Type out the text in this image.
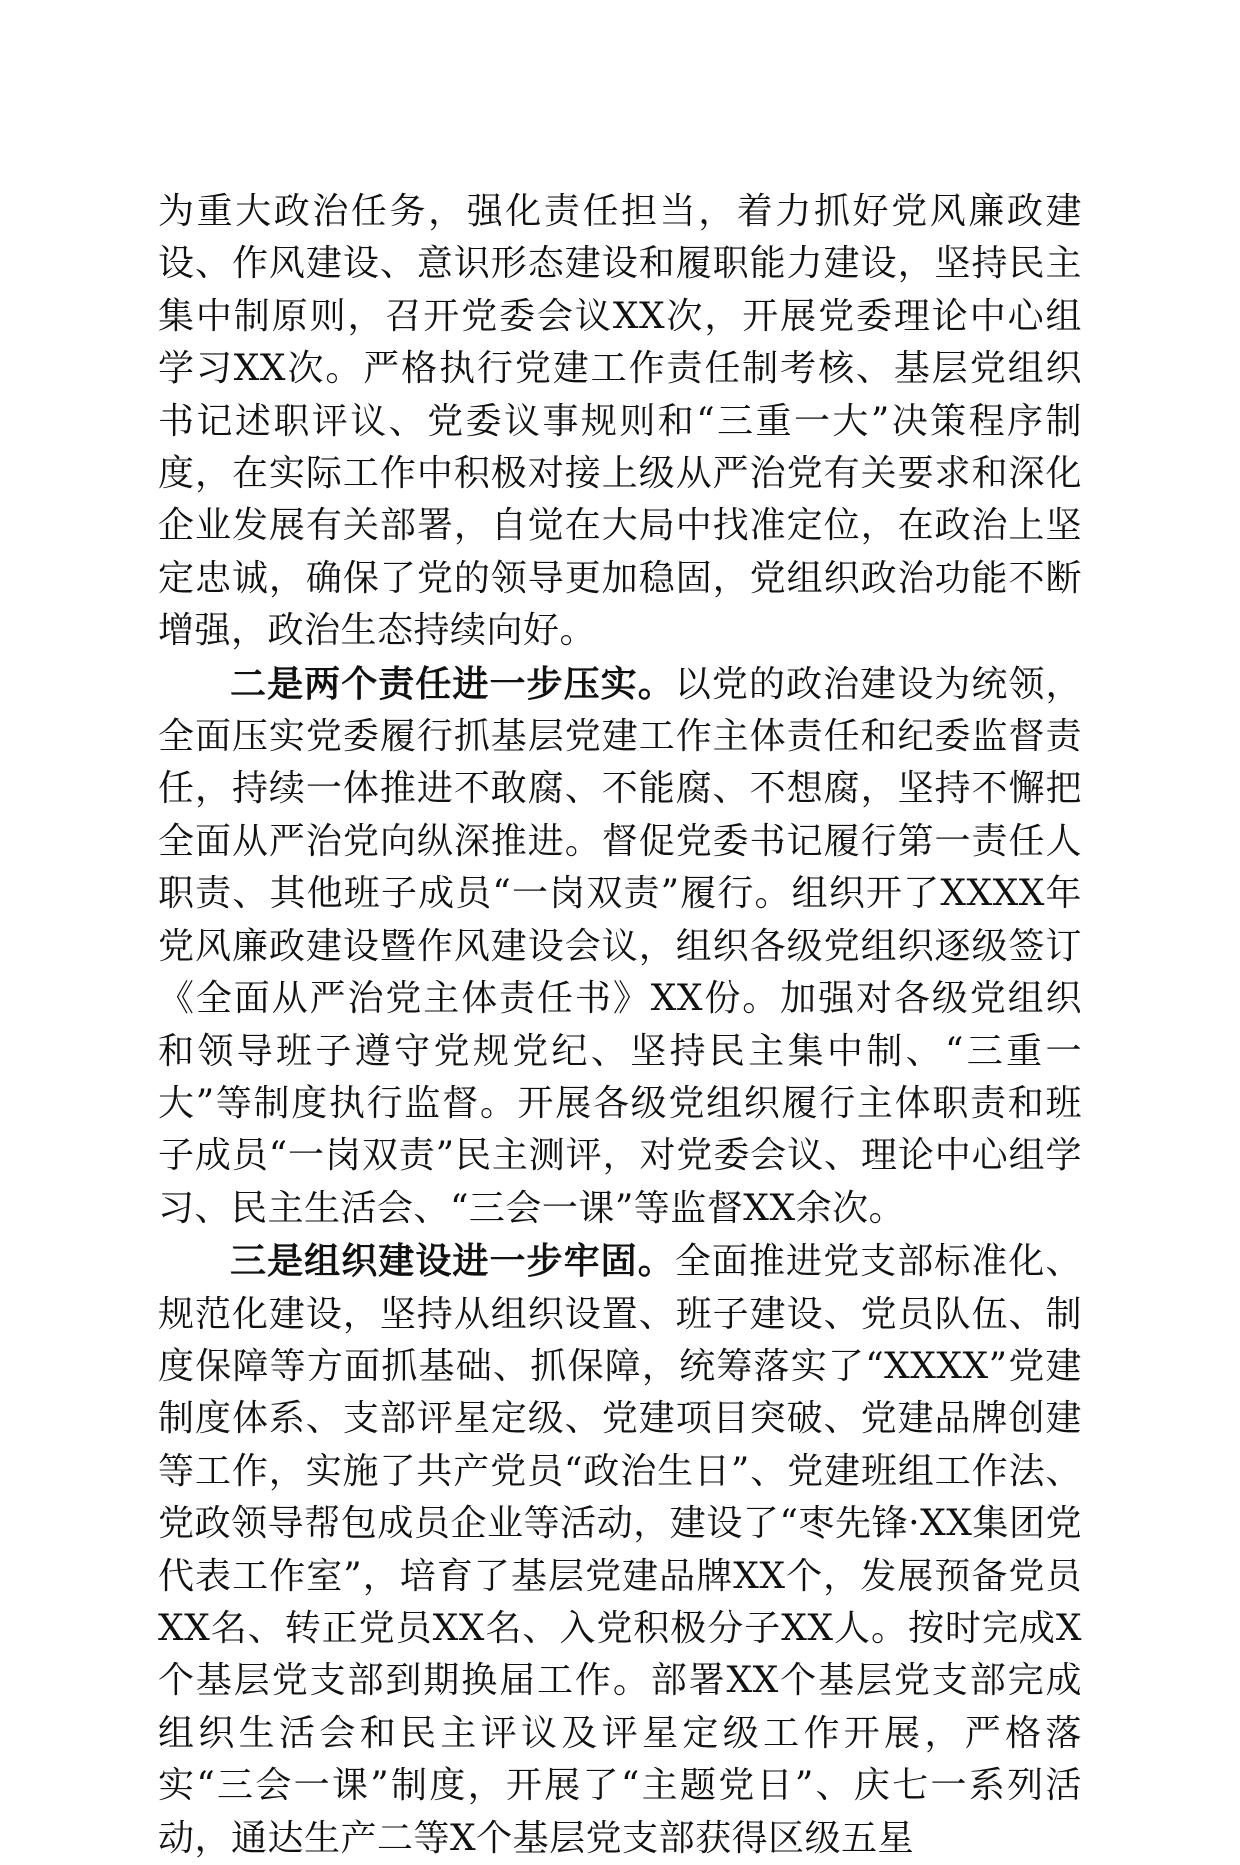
为重大政治任务，强化责任担当，着力抓好党风廉政建设、作风建设、意识形态建设和履职能力建设，坚持民主集中制原则，召开党委会议XX次，开展党委理论中心组学习XX次。严格执行党建工作责任制考核、基层党组织书记述职评议、党委议事规则和“三重一大”决策程序制度，在实际工作中积极对接上级从严治党有关要求和深化企业发展有关部署，自觉在大局中找准定位，在政治上坚定忠诚，确保了党的领导更加稳固，党组织政治功能不断增强，政治生态持续向好。

二是两个责任进一步压实。以党的政治建设为统领，全面压实党委履行抓基层党建工作主体责任和纪委监督责任，持续一体推进不敢腐、不能腐、不想腐，坚持不懈把全面从严治党向纵深推进。督促党委书记履行第一责任人职责、其他班子成员“一岗双责”履行。组织开了XXXX年党风廉政建设暨作风建设会议，组织各级党组织逐级签订《全面从严治党主体责任书》XX份。加强对各级党组织和领导班子遵守党规党纪、坚持民主集中制、“三重一大”等制度执行监督。开展各级党组织履行主体职责和班子成员“一岗双责”民主测评，对党委会议、理论中心组学习、民主生活会、“三会一课”等监督XX余次。

三是组织建设进一步牢固。全面推进党支部标准化、规范化建设，坚持从组织设置、班子建设、党员队伍、制度保障等方面抓基础、抓保障，统筹落实了“XXXX”党建制度体系、支部评星定级、党建项目突破、党建品牌创建等工作，实施了共产党员“政治生日”、党建班组工作法、党政领导帮包成员企业等活动，建设了“枣先锋·XX集团党代表工作室”，培育了基层党建品牌XX个，发展预备党员XX名、转正党员XX名、入党积极分子XX人。按时完成X个基层党支部到期换届工作。部署XX个基层党支部完成组织生活会和民主评议及评星定级工作开展，严格落实“三会一课”制度，开展了“主题党日”、庆七一系列活动，通达生产二等X个基层党支部获得区级五星
